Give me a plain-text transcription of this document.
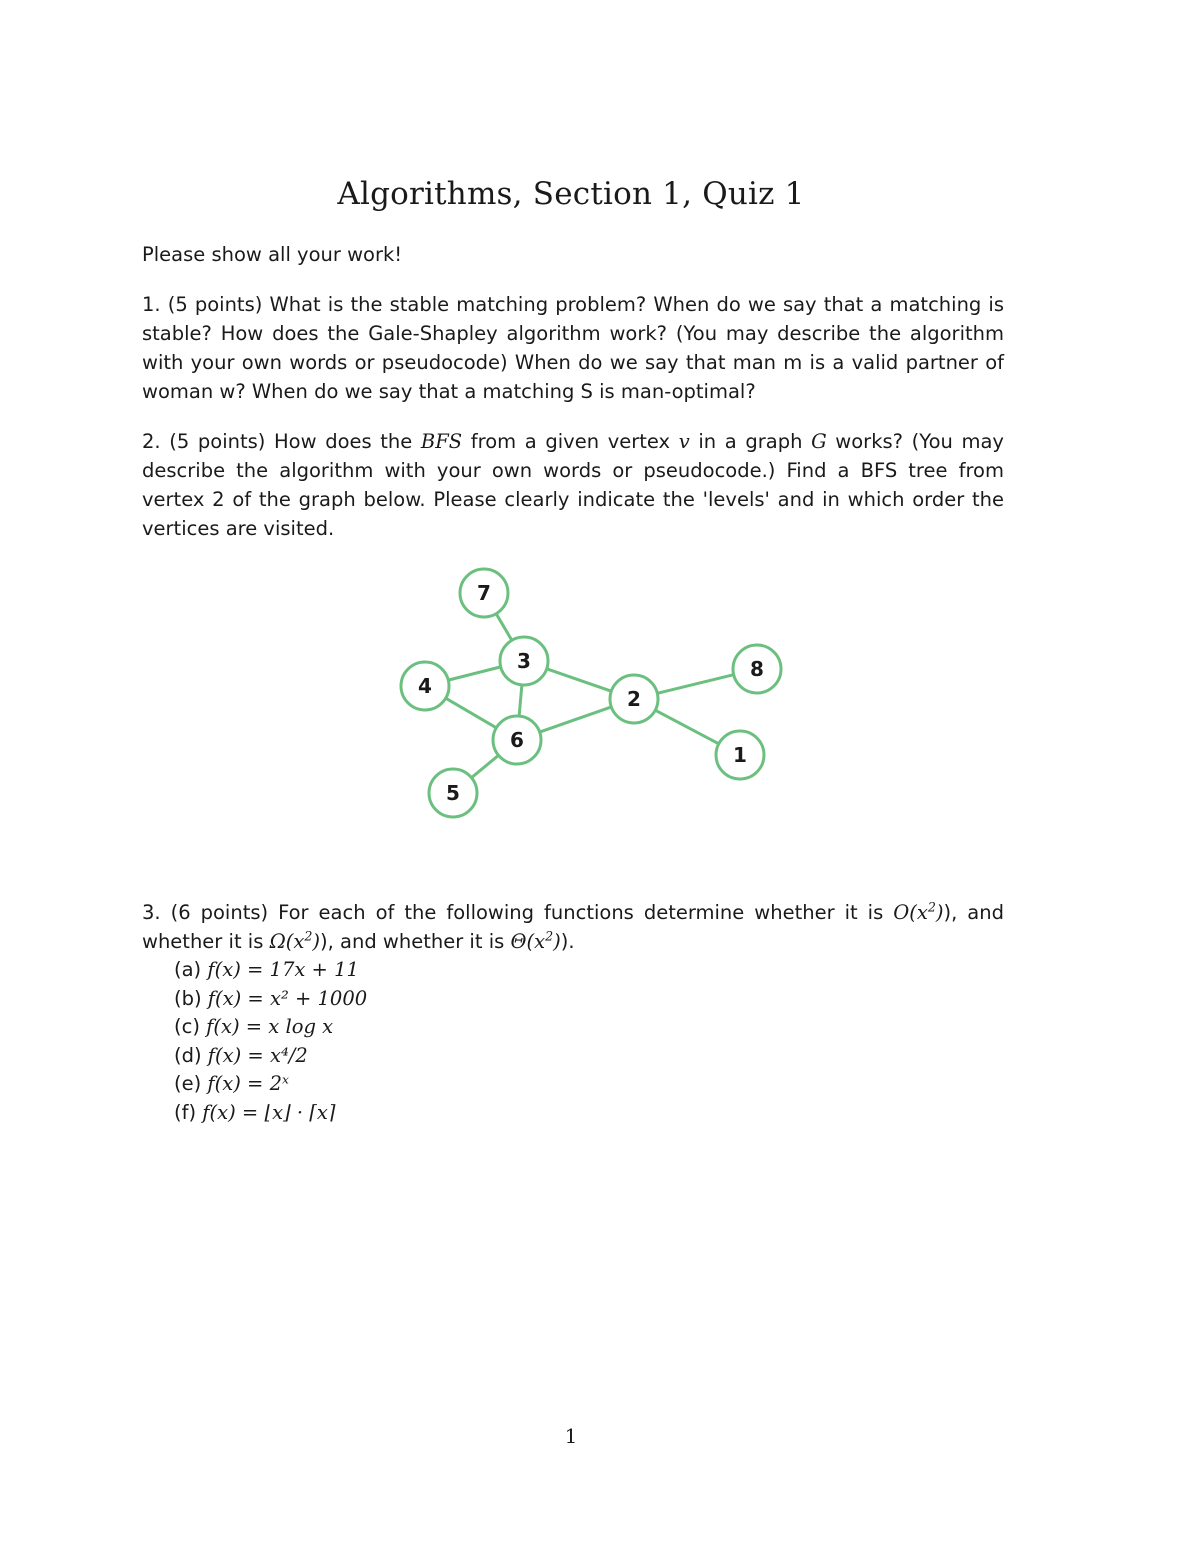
Algorithms, Section 1, Quiz 1
Please show all your work!
1. (5 points) What is the stable matching problem? When do we say that a matching is stable? How does the Gale-Shapley algorithm work? (You may describe the algorithm with your own words or pseudocode) When do we say that man m is a valid partner of woman w? When do we say that a matching S is man-optimal?
2. (5 points) How does the BFS from a given vertex v in a graph G works? (You may describe the algorithm with your own words or pseudocode.) Find a BFS tree from vertex 2 of the graph below. Please clearly indicate the 'levels' and in which order the vertices are visited.
7
3
4
6
5
2
8
1
3. (6 points) For each of the following functions determine whether it is $O(x^2)$), and whether it is $\Omega(x^2)$), and whether it is $\Theta(x^2)$).
(a) f(x) = 17x + 11
(b) f(x) = x² + 1000
(c) f(x) = x log x
(d) f(x) = x⁴/2
(e) f(x) = 2ˣ
(f) f(x) = ⌊x⌋ · ⌈x⌉
1
